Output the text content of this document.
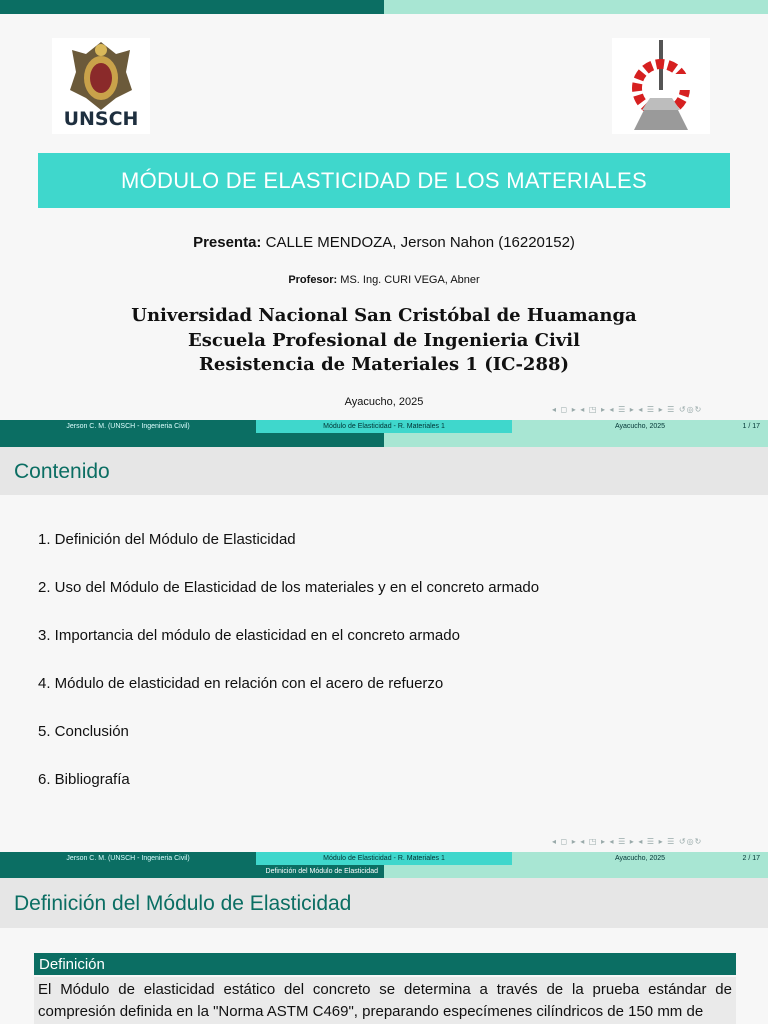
UNSCH
MÓDULO DE ELASTICIDAD DE LOS MATERIALES
Presenta: CALLE MENDOZA, Jerson Nahon (16220152)
Profesor: MS. Ing. CURI VEGA, Abner
Universidad Nacional San Cristóbal de Huamanga
Escuela Profesional de Ingenieria Civil
Resistencia de Materiales 1 (IC-288)
Ayacucho, 2025
◂ ◻ ▸ ◂ ◳ ▸ ◂ ☰ ▸ ◂ ☰ ▸ ☰ ↺◎↻
Jerson C. M. (UNSCH - Ingenieria Civil)	Módulo de Elasticidad - R. Materiales 1	Ayacucho, 2025	1 / 17
Contenido
1. Definición del Módulo de Elasticidad
2. Uso del Módulo de Elasticidad de los materiales y en el concreto armado
3. Importancia del módulo de elasticidad en el concreto armado
4. Módulo de elasticidad en relación con el acero de refuerzo
5. Conclusión
6. Bibliografía
◂ ◻ ▸ ◂ ◳ ▸ ◂ ☰ ▸ ◂ ☰ ▸ ☰ ↺◎↻
Jerson C. M. (UNSCH - Ingenieria Civil)	Módulo de Elasticidad - R. Materiales 1	Ayacucho, 2025	2 / 17
Definición del Módulo de Elasticidad
Definición del Módulo de Elasticidad
Definición
El Módulo de elasticidad estático del concreto se determina a través de la prueba estándar de compresión definida en la "Norma ASTM C469", preparando especímenes cilíndricos de 150 mm de
